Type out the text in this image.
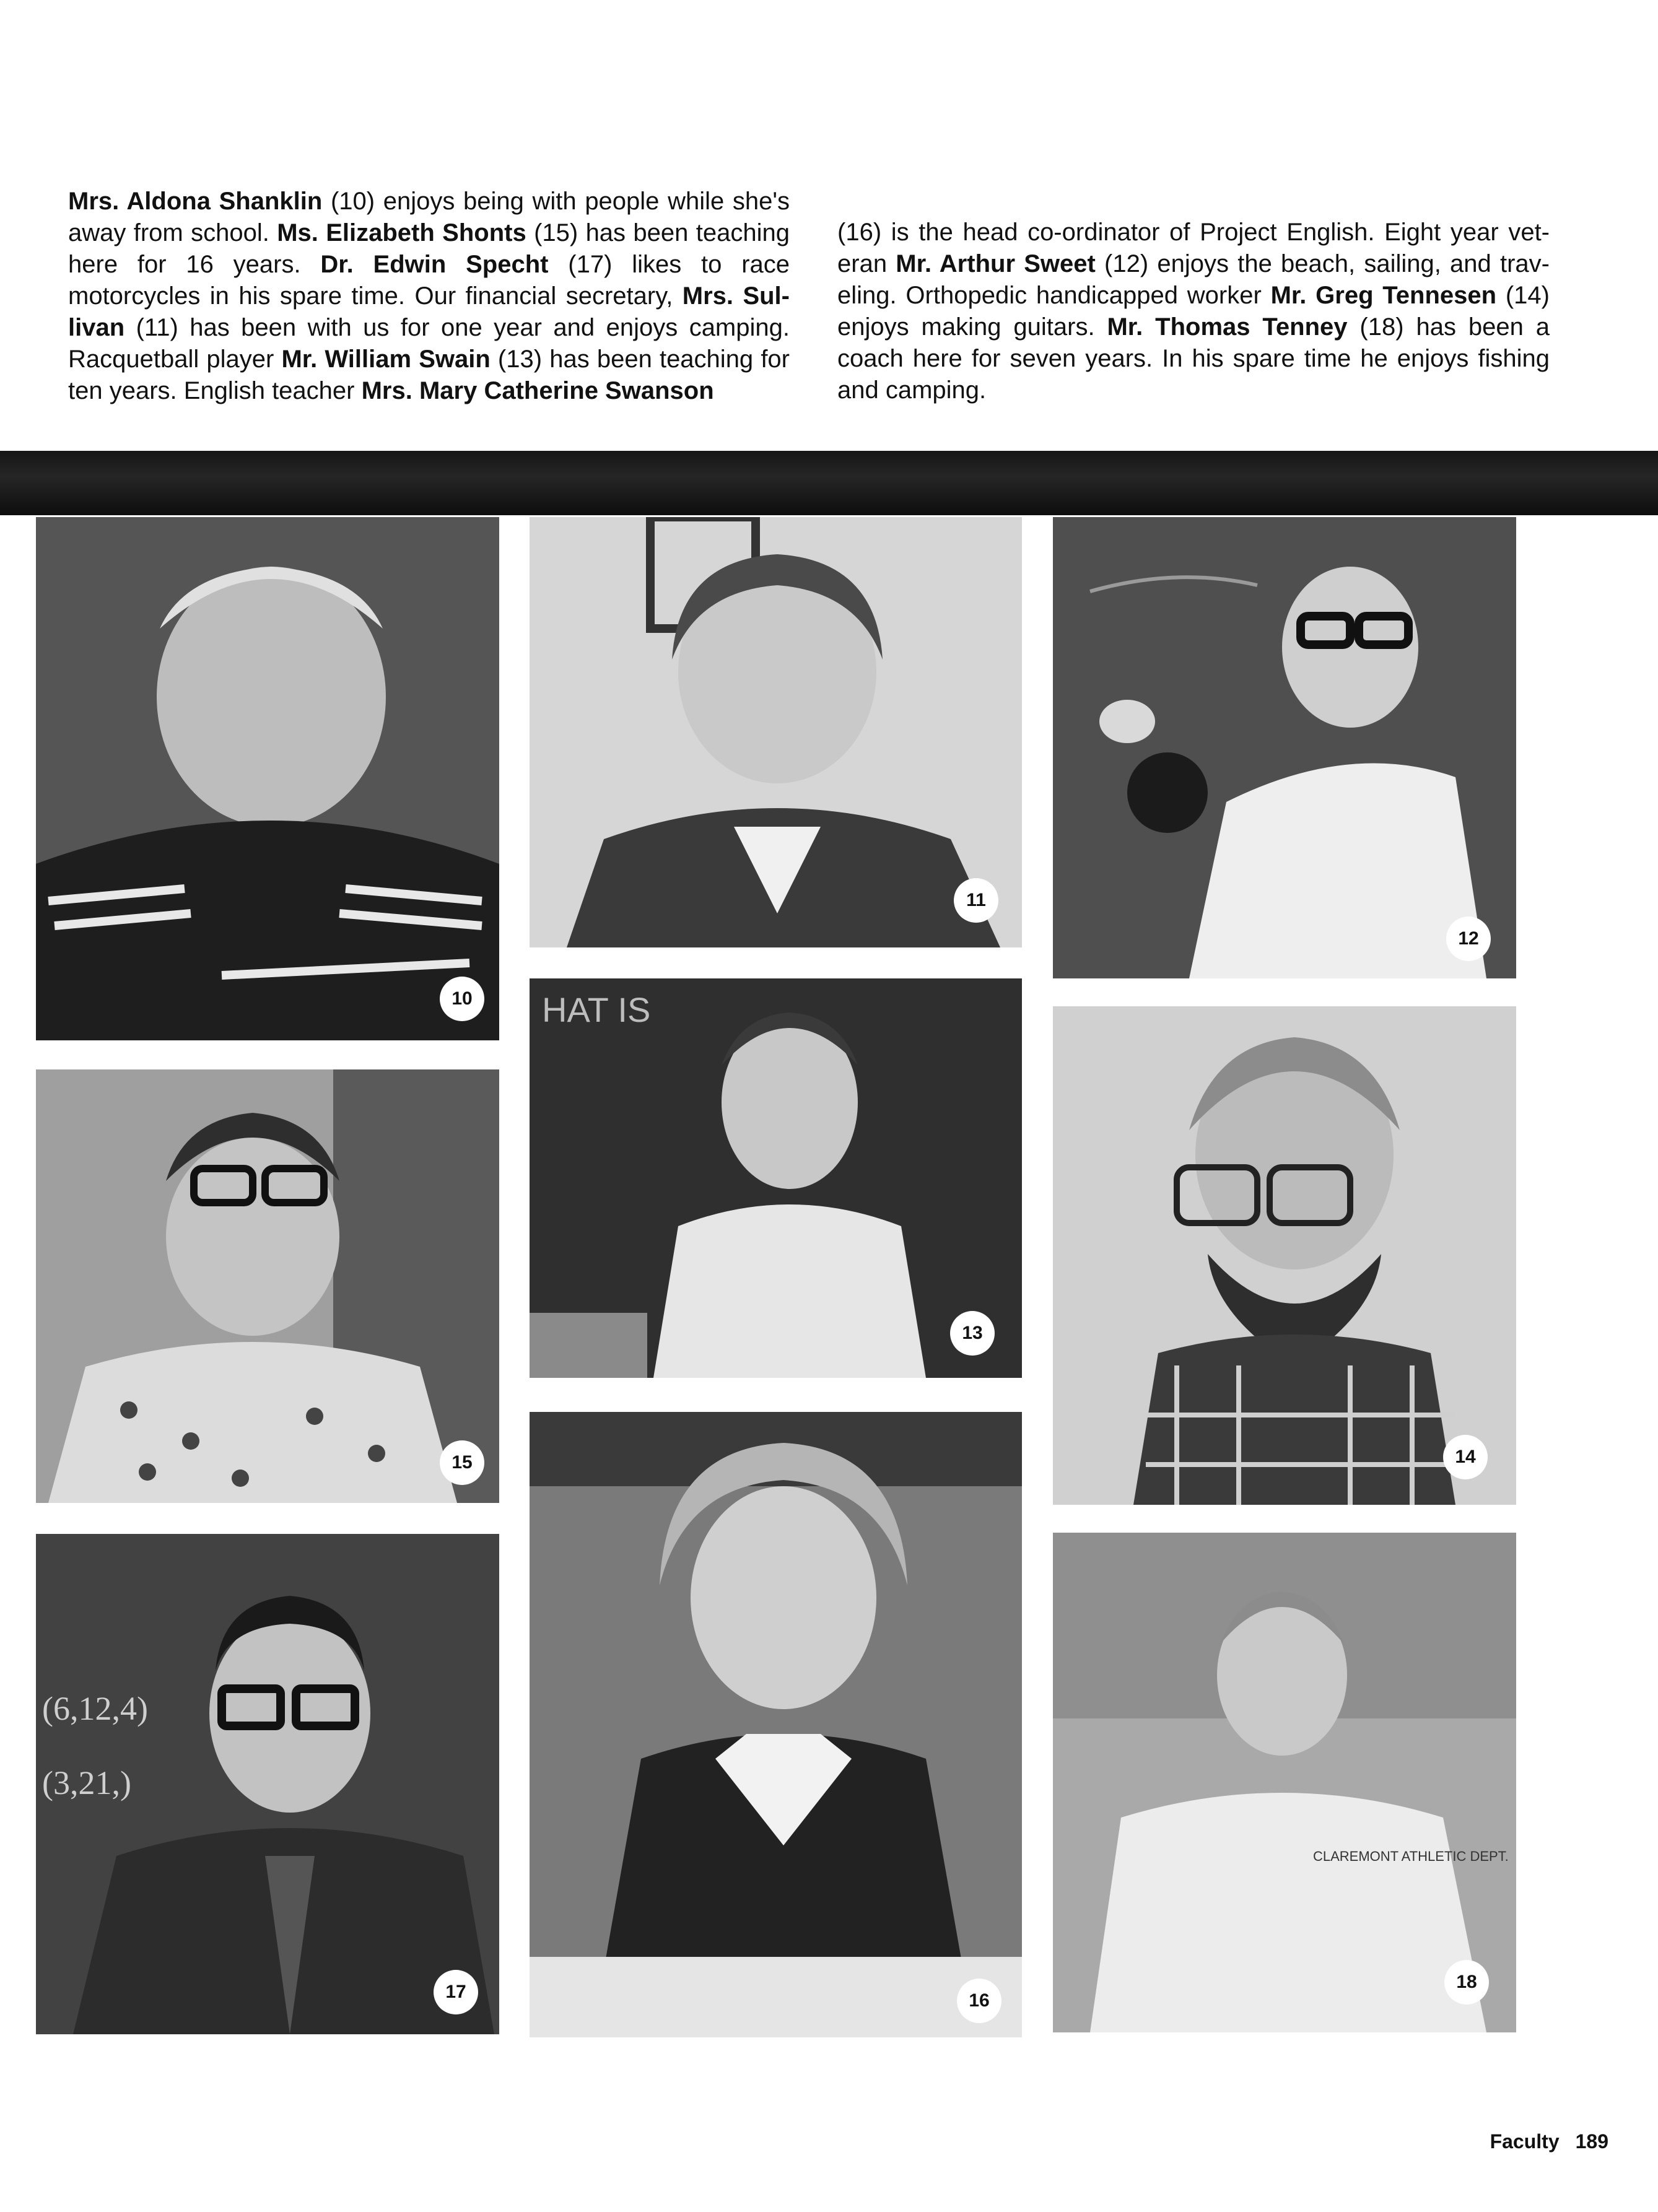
Mrs. Aldona Shanklin (10) enjoys being with people while she's away from school. Ms. Elizabeth Shonts (15) has been teaching here for 16 years. Dr. Edwin Specht (17) likes to race motorcycles in his spare time. Our financial secretary, Mrs. Sul- livan (11) has been with us for one year and enjoys camping. Racquetball player Mr. William Swain (13) has been teaching for ten years. English teacher Mrs. Mary Catherine Swanson
(16) is the head co-ordinator of Project English. Eight year vet- eran Mr. Arthur Sweet (12) enjoys the beach, sailing, and trav- eling. Orthopedic handicapped worker Mr. Greg Tennesen (14) enjoys making guitars. Mr. Thomas Tenney (18) has been a coach here for seven years. In his spare time he enjoys fishing and camping.
10
11
12
15
HAT IS
13
14
(6,12,4)
(3,21,)
17	16
CLAREMONT ATHLETIC DEPT.
18
Faculty 189
